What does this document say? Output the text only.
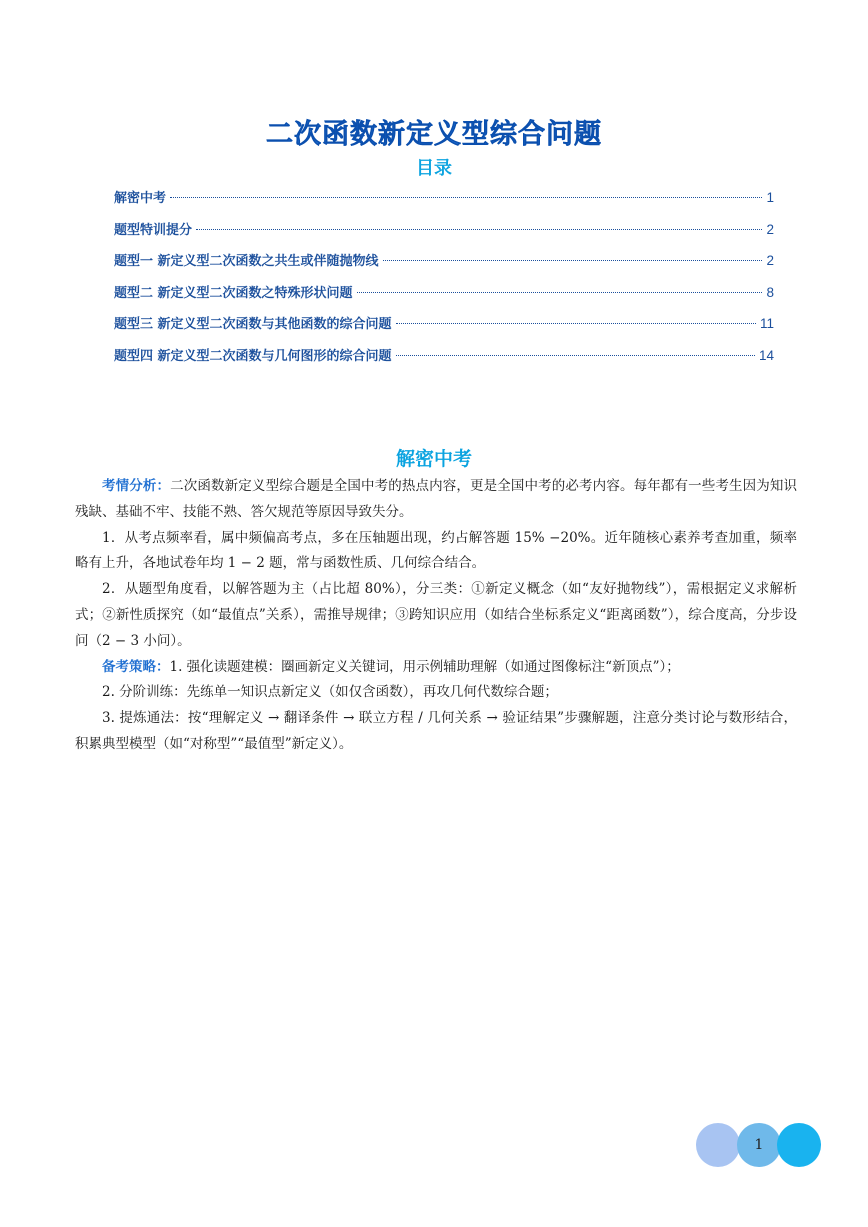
二次函数新定义型综合问题
目录
解密中考	1
题型特训提分	2
题型一 新定义型二次函数之共生或伴随抛物线	2
题型二 新定义型二次函数之特殊形状问题	8
题型三 新定义型二次函数与其他函数的综合问题	11
题型四 新定义型二次函数与几何图形的综合问题	14
解密中考

考情分析：二次函数新定义型综合题是全国中考的热点内容，更是全国中考的必考内容。每年都有一些考生因为知识残缺、基础不牢、技能不熟、答欠规范等原因导致失分。

1．从考点频率看，属中频偏高考点，多在压轴题出现，约占解答题 15% −20%。近年随核心素养考查加重，频率略有上升，各地试卷年均 1 − 2 题，常与函数性质、几何综合结合。

2．从题型角度看，以解答题为主（占比超 80%），分三类：①新定义概念（如“友好抛物线”），需根据定义求解析式；②新性质探究（如“最值点”关系），需推导规律；③跨知识应用（如结合坐标系定义“距离函数”），综合度高，分步设问（2 − 3 小问）。

备考策略：1. 强化读题建模：圈画新定义关键词，用示例辅助理解（如通过图像标注“新顶点”）；

2. 分阶训练：先练单一知识点新定义（如仅含函数），再攻几何代数综合题；

3. 提炼通法：按“理解定义 → 翻译条件 → 联立方程 / 几何关系 → 验证结果”步骤解题，注意分类讨论与数形结合，积累典型模型（如“对称型”“最值型”新定义）。

1
